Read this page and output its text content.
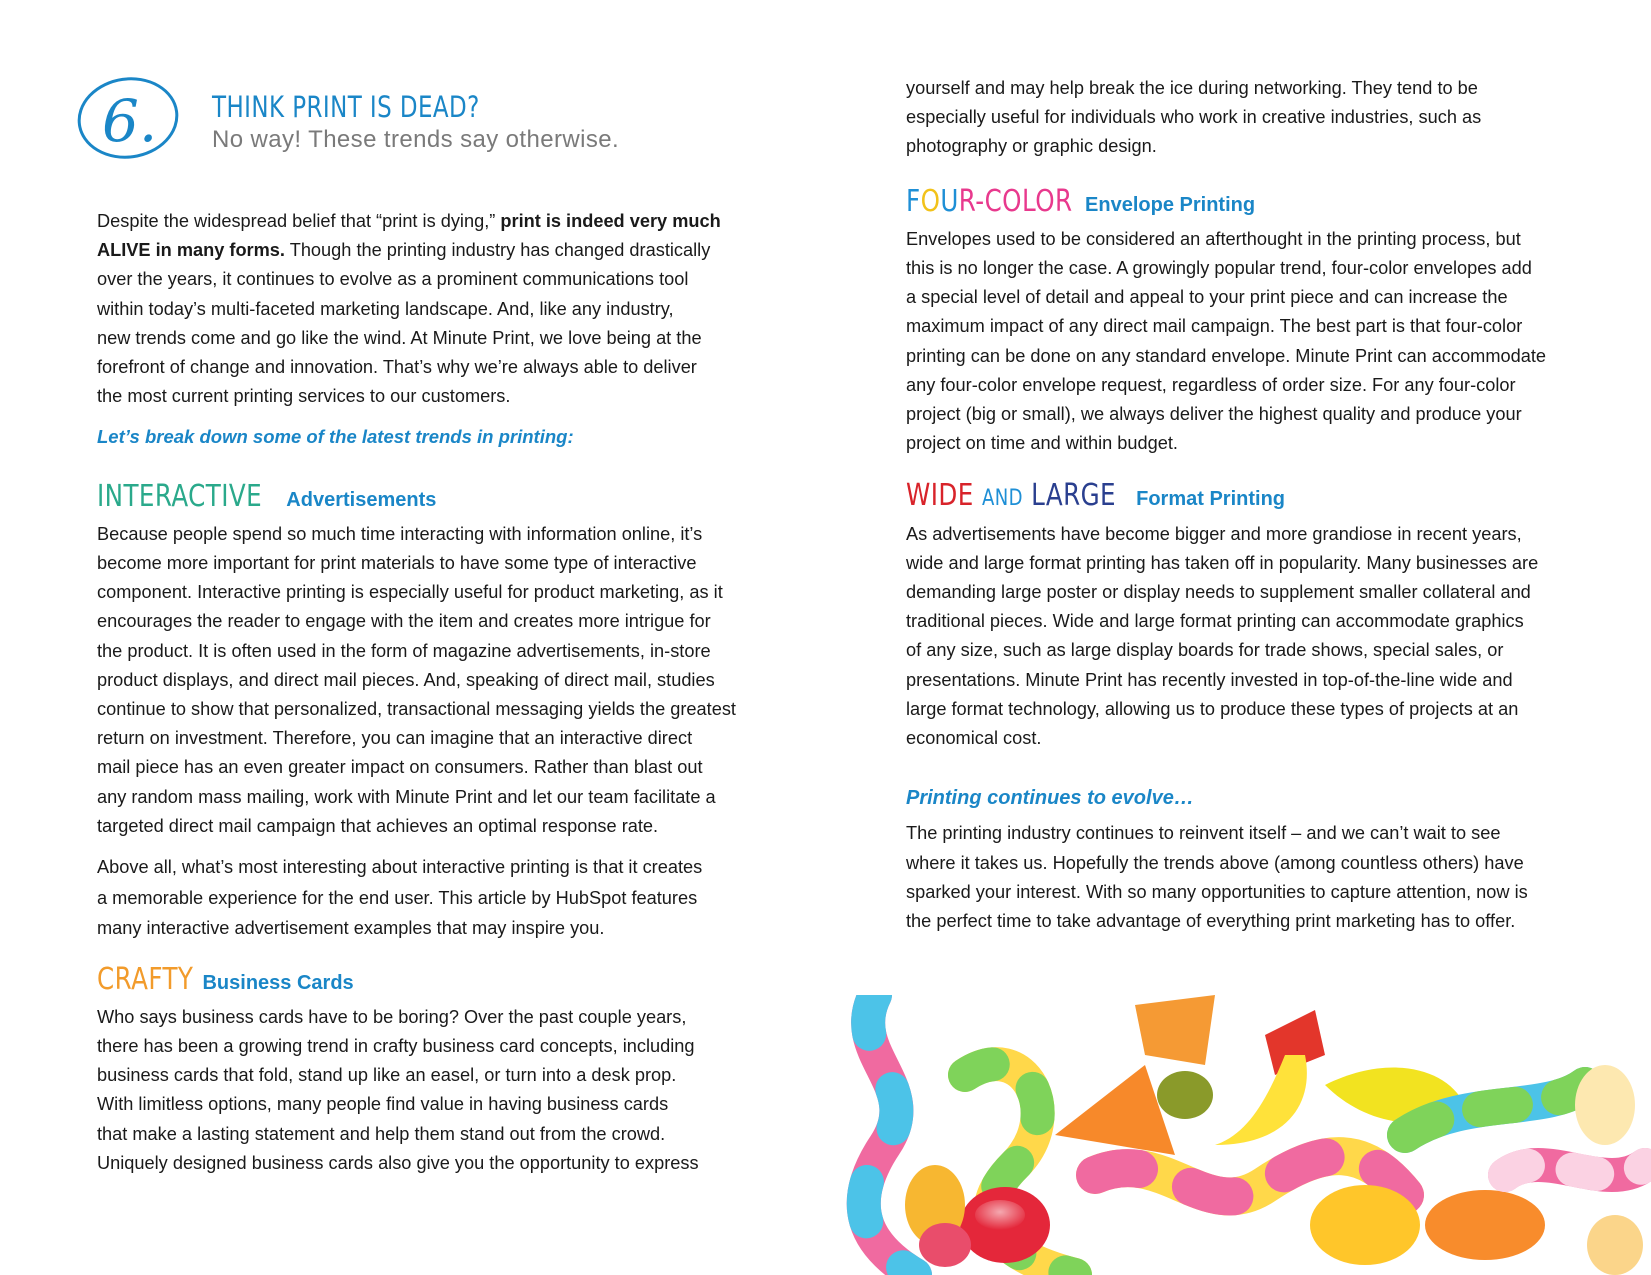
6. THINK PRINT IS DEAD?
No way! These trends say otherwise.
Despite the widespread belief that “print is dying,” print is indeed very much
ALIVE in many forms. Though the printing industry has changed drastically
over the years, it continues to evolve as a prominent communications tool
within today’s multi-faceted marketing landscape. And, like any industry,
new trends come and go like the wind. At Minute Print, we love being at the
forefront of change and innovation. That’s why we’re always able to deliver
the most current printing services to our customers.
Let’s break down some of the latest trends in printing:
INTERACTIVE Advertisements
Because people spend so much time interacting with information online, it’s
become more important for print materials to have some type of interactive
component. Interactive printing is especially useful for product marketing, as it
encourages the reader to engage with the item and creates more intrigue for
the product. It is often used in the form of magazine advertisements, in-store
product displays, and direct mail pieces. And, speaking of direct mail, studies
continue to show that personalized, transactional messaging yields the greatest
return on investment. Therefore, you can imagine that an interactive direct
mail piece has an even greater impact on consumers. Rather than blast out
any random mass mailing, work with Minute Print and let our team facilitate a
targeted direct mail campaign that achieves an optimal response rate.
Above all, what’s most interesting about interactive printing is that it creates
a memorable experience for the end user. This article by HubSpot features
many interactive advertisement examples that may inspire you.
CRAFTY Business Cards
Who says business cards have to be boring? Over the past couple years,
there has been a growing trend in crafty business card concepts, including
business cards that fold, stand up like an easel, or turn into a desk prop.
With limitless options, many people find value in having business cards
that make a lasting statement and help them stand out from the crowd.
Uniquely designed business cards also give you the opportunity to express
yourself and may help break the ice during networking. They tend to be
especially useful for individuals who work in creative industries, such as
photography or graphic design.
FOUR-COLOR Envelope Printing
Envelopes used to be considered an afterthought in the printing process, but
this is no longer the case. A growingly popular trend, four-color envelopes add
a special level of detail and appeal to your print piece and can increase the
maximum impact of any direct mail campaign. The best part is that four-color
printing can be done on any standard envelope. Minute Print can accommodate
any four-color envelope request, regardless of order size. For any four-color
project (big or small), we always deliver the highest quality and produce your
project on time and within budget.
WIDE AND LARGE Format Printing
As advertisements have become bigger and more grandiose in recent years,
wide and large format printing has taken off in popularity. Many businesses are
demanding large poster or display needs to supplement smaller collateral and
traditional pieces. Wide and large format printing can accommodate graphics
of any size, such as large display boards for trade shows, special sales, or
presentations. Minute Print has recently invested in top-of-the-line wide and
large format technology, allowing us to produce these types of projects at an
economical cost.
Printing continues to evolve…
The printing industry continues to reinvent itself – and we can’t wait to see
where it takes us. Hopefully the trends above (among countless others) have
sparked your interest. With so many opportunities to capture attention, now is
the perfect time to take advantage of everything print marketing has to offer.
